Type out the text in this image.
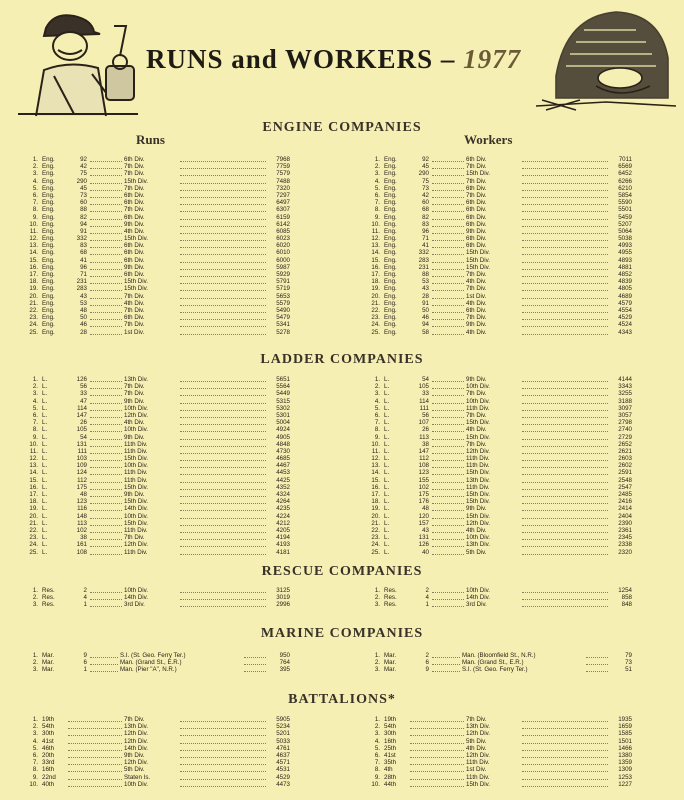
RUNS and WORKERS – 1977
Runs	Workers
ENGINE COMPANIES
1. Eng.	92	6th Div.	7968
2. Eng.	42	7th Div.	7759
3. Eng.	75	7th Div.	7579
4. Eng.	290	15th Div.	7488
5. Eng.	45	7th Div.	7320
6. Eng.	73	6th Div.	7297
7. Eng.	60	6th Div.	6497
8. Eng.	88	7th Div.	6307
9. Eng.	82	6th Div.	6159
10. Eng.	94	9th Div.	6142
11. Eng.	91	4th Div.	6085
12. Eng.	332	15th Div.	6023
13. Eng.	83	6th Div.	6020
14. Eng.	68	6th Div.	6010
15. Eng.	41	6th Div.	6000
16. Eng.	96	9th Div.	5987
17. Eng.	71	6th Div.	5929
18. Eng.	231	15th Div.	5791
19. Eng.	283	15th Div.	5719
20. Eng.	43	7th Div.	5653
21. Eng.	53	4th Div.	5579
22. Eng.	48	7th Div.	5490
23. Eng.	50	6th Div.	5479
24. Eng.	46	7th Div.	5341
25. Eng.	28	1st Div.	5278
1. Eng.	92	6th Div.	7011
2. Eng.	45	7th Div.	6569
3. Eng.	290	15th Div.	6452
4. Eng.	75	7th Div.	6266
5. Eng.	73	6th Div.	6210
6. Eng.	42	7th Div.	5854
7. Eng.	60	6th Div.	5590
8. Eng.	68	6th Div.	5501
9. Eng.	82	6th Div.	5459
10. Eng.	83	6th Div.	5207
11. Eng.	96	9th Div.	5064
12. Eng.	71	6th Div.	5038
13. Eng.	41	6th Div.	4993
14. Eng.	332	15th Div.	4955
15. Eng.	283	15th Div.	4893
16. Eng.	231	15th Div.	4881
17. Eng.	88	7th Div.	4852
18. Eng.	53	4th Div.	4839
19. Eng.	43	7th Div.	4805
20. Eng.	28	1st Div.	4689
21. Eng.	91	4th Div.	4579
22. Eng.	50	6th Div.	4554
23. Eng.	46	7th Div.	4529
24. Eng.	94	9th Div.	4524
25. Eng.	58	4th Div.	4343
LADDER COMPANIES
1. L.	126	13th Div.	5651
2. L.	56	7th Div.	5564
3. L.	33	7th Div.	5449
4. L.	47	9th Div.	5315
5. L.	114	10th Div.	5302
6. L.	147	12th Div.	5301
7. L.	26	4th Div.	5004
8. L.	105	10th Div.	4924
9. L.	54	9th Div.	4905
10. L.	131	11th Div.	4848
11. L.	111	11th Div.	4730
12. L.	103	15th Div.	4685
13. L.	109	10th Div.	4467
14. L.	124	11th Div.	4453
15. L.	112	11th Div.	4425
16. L.	175	15th Div.	4352
17. L.	48	9th Div.	4324
18. L.	123	15th Div.	4264
19. L.	116	14th Div.	4235
20. L.	148	10th Div.	4224
21. L.	113	15th Div.	4212
22. L.	102	11th Div.	4205
23. L.	38	7th Div.	4194
24. L.	161	12th Div.	4193
25. L.	108	11th Div.	4181
1. L.	54	9th Div.	4144
2. L.	105	10th Div.	3343
3. L.	33	7th Div.	3255
4. L.	114	10th Div.	3188
5. L.	111	11th Div.	3097
6. L.	56	7th Div.	3057
7. L.	107	15th Div.	2798
8. L.	26	4th Div.	2740
9. L.	113	15th Div.	2729
10. L.	38	7th Div.	2652
11. L.	147	12th Div.	2621
12. L.	112	11th Div.	2603
13. L.	108	11th Div.	2602
14. L.	123	15th Div.	2591
15. L.	155	13th Div.	2548
16. L.	102	11th Div.	2547
17. L.	175	15th Div.	2485
18. L.	176	15th Div.	2416
19. L.	48	9th Div.	2414
20. L.	120	15th Div.	2404
21. L.	157	12th Div.	2390
22. L.	43	4th Div.	2361
23. L.	131	10th Div.	2345
24. L.	126	13th Div.	2338
25. L.	40	5th Div.	2320
RESCUE COMPANIES
1. Res.	2	10th Div.	3125
2. Res.	4	14th Div.	3019
3. Res.	1	3rd Div.	2996
1. Res.	2	10th Div.	1254
2. Res.	4	14th Div.	858
3. Res.	1	3rd Div.	848
MARINE COMPANIES
1. Mar.	9	S.I. (St. Geo. Ferry Ter.)	950
2. Mar.	6	Man. (Grand St., E.R.)	764
3. Mar.	1	Man. (Pier "A", N.R.)	395
1. Mar.	2	Man. (Bloomfield St., N.R.)	79
2. Mar.	6	Man. (Grand St., E.R.)	73
3. Mar.	9	S.I. (St. Geo. Ferry Ter.)	51
BATTALIONS*
1. 19th	7th Div.	5905
2. 54th	13th Div.	5234
3. 30th	12th Div.	5201
4. 41st	12th Div.	5033
5. 46th	14th Div.	4761
6. 20th	9th Div.	4637
7. 33rd	12th Div.	4571
8. 16th	5th Div.	4531
9. 22nd	Staten Is.	4529
10. 40th	10th Div.	4473
1. 19th	7th Div.	1935
2. 54th	13th Div.	1659
3. 30th	12th Div.	1585
4. 16th	5th Div.	1501
5. 25th	4th Div.	1466
6. 41st	12th Div.	1380
7. 35th	11th Div.	1359
8. 4th	1st Div.	1309
9. 28th	11th Div.	1253
10. 44th	15th Div.	1227
